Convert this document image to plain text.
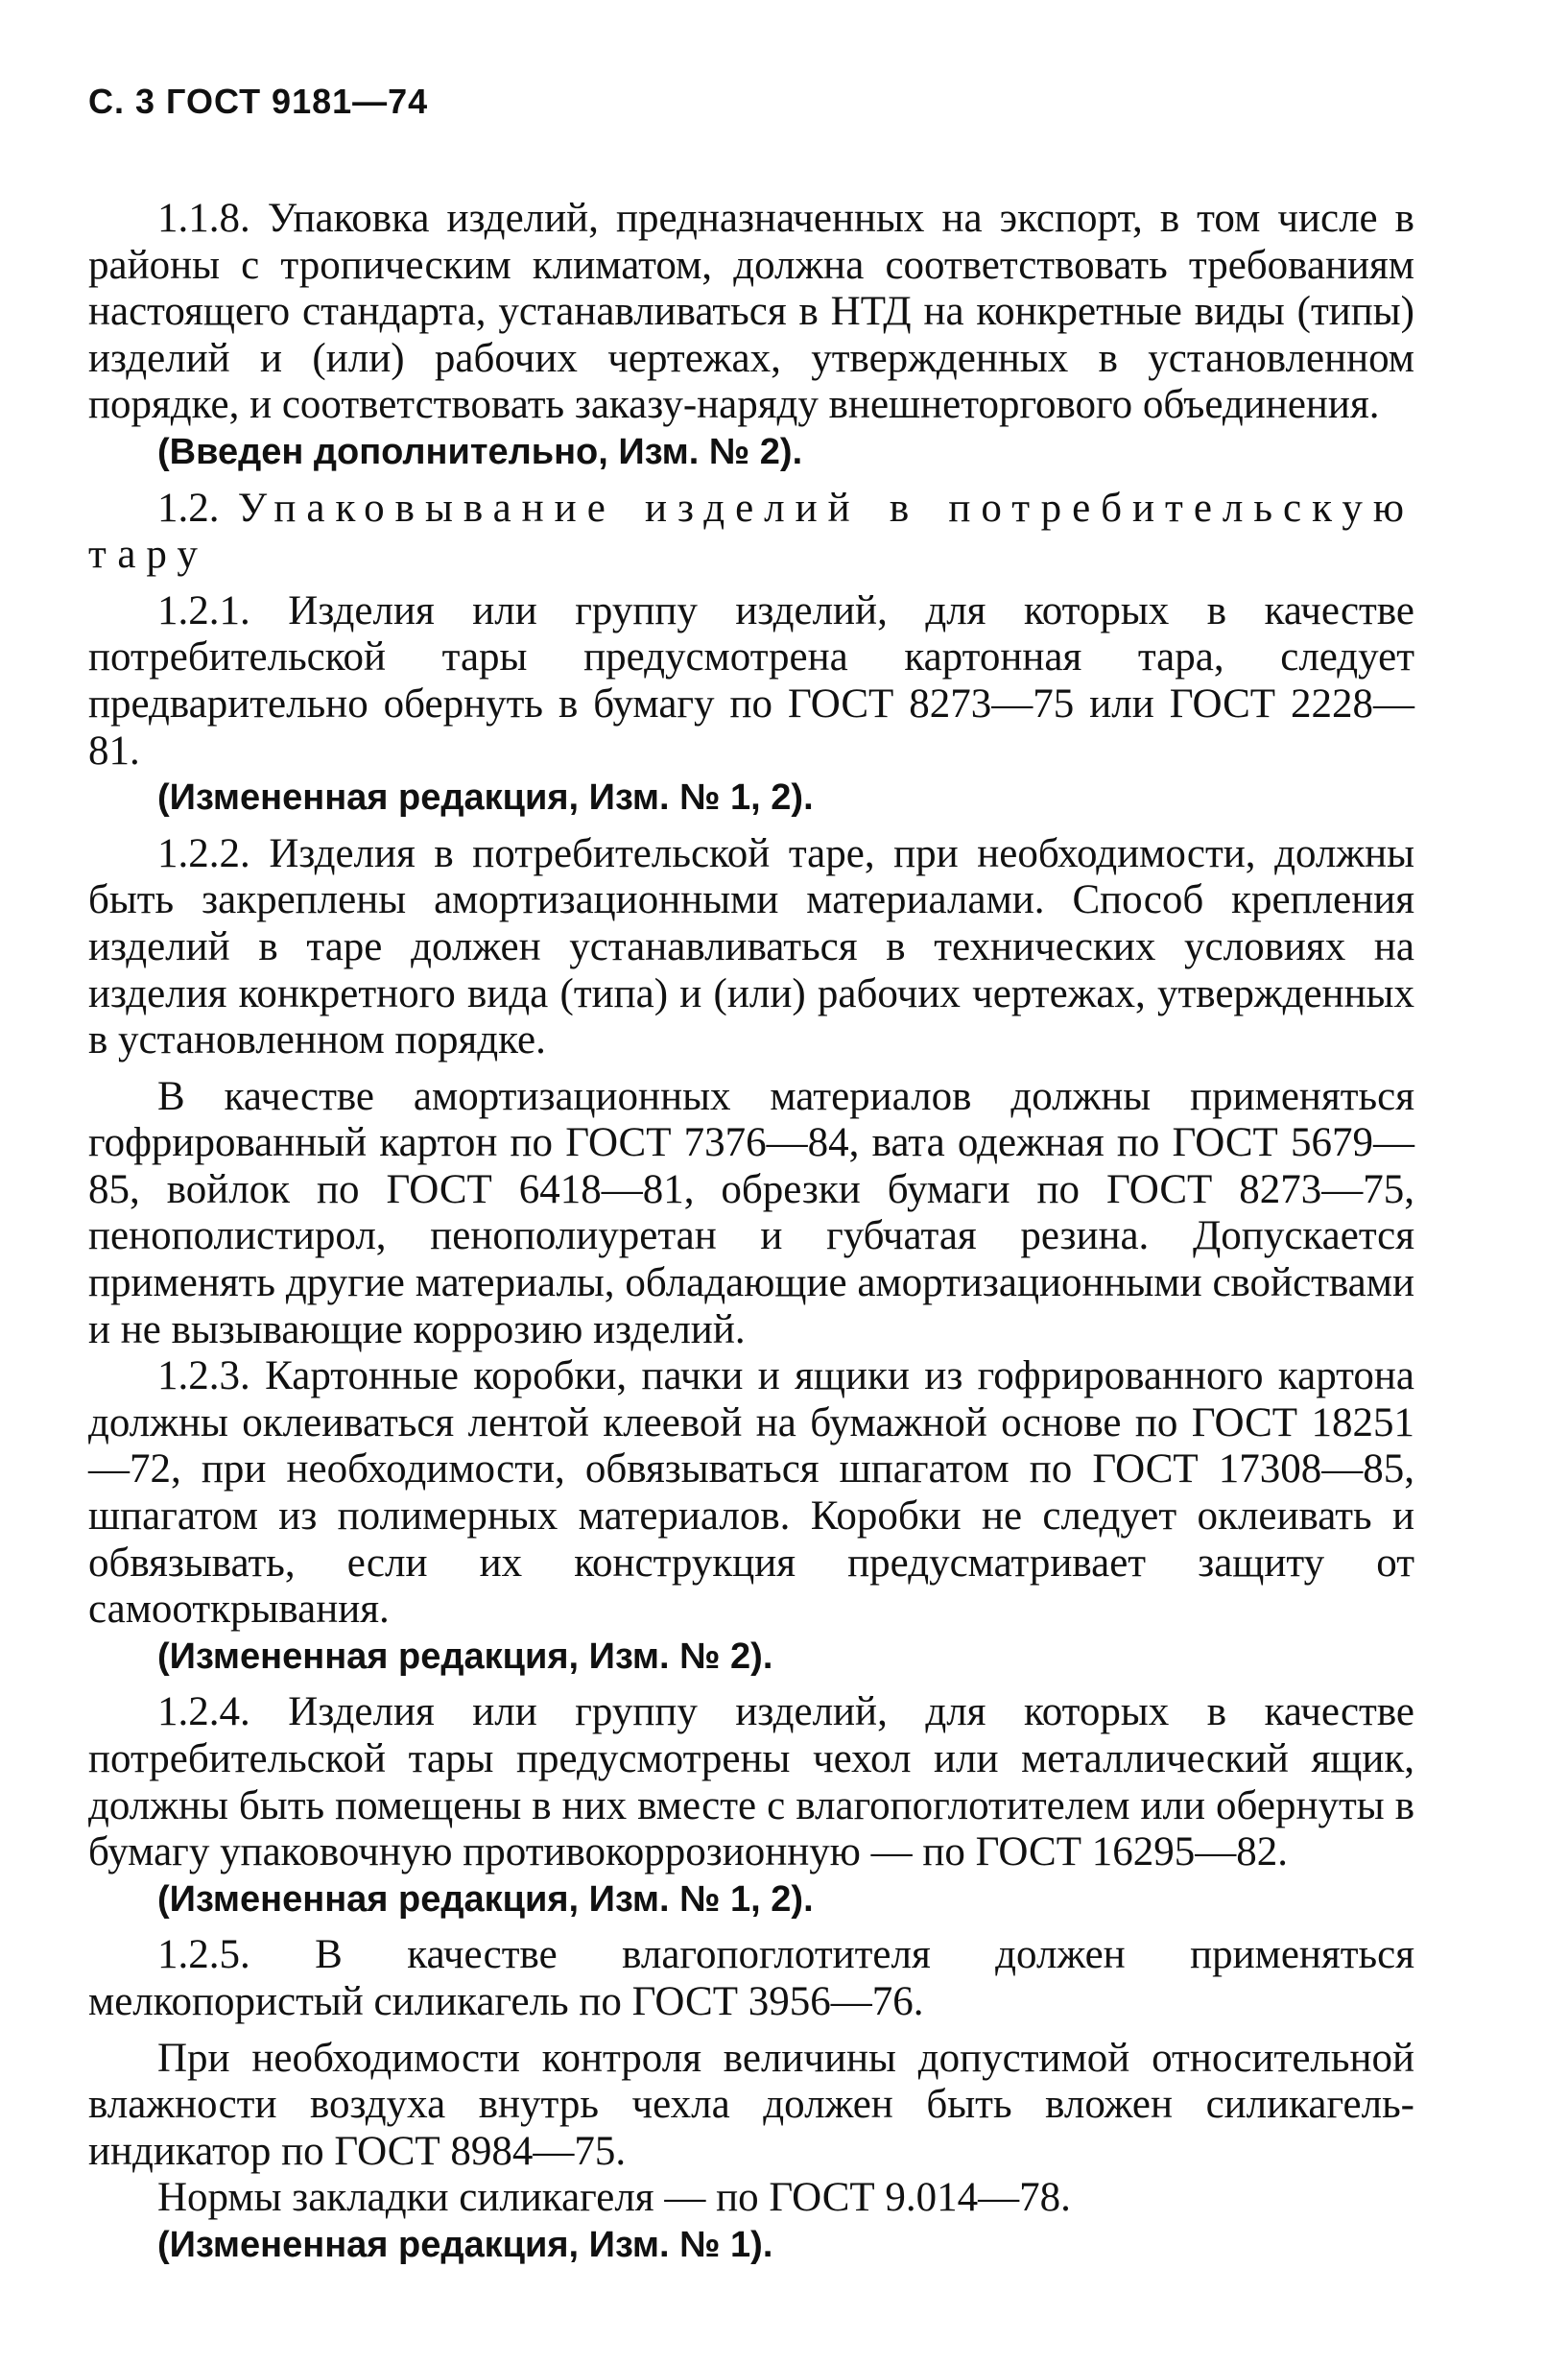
С. 3 ГОСТ 9181—74

1.1.8. Упаковка изделий, предназначенных на экспорт, в том числе в районы с тропическим климатом, должна соответствовать требованиям настоящего стандарта, устанавливаться в НТД на конкретные виды (типы) изделий и (или) рабочих чертежах, утвержденных в установленном порядке, и соответствовать заказу-наряду внешнеторгового объединения.

(Введен дополнительно, Изм. № 2).

1.2. Упаковывание изделий в потребительскую тару

1.2.1. Изделия или группу изделий, для которых в качестве потребительской тары предусмотрена картонная тара, следует предварительно обернуть в бумагу по ГОСТ 8273—75 или ГОСТ 2228—81.

(Измененная редакция, Изм. № 1, 2).

1.2.2. Изделия в потребительской таре, при необходимости, должны быть закреплены амортизационными материалами. Способ крепления изделий в таре должен устанавливаться в технических условиях на изделия конкретного вида (типа) и (или) рабочих чертежах, утвержденных в установленном порядке.

В качестве амортизационных материалов должны применяться гофрированный картон по ГОСТ 7376—84, вата одежная по ГОСТ 5679—85, войлок по ГОСТ 6418—81, обрезки бумаги по ГОСТ 8273—75, пенополистирол, пенополиуретан и губчатая резина. Допускается применять другие материалы, обладающие амортизационными свойствами и не вызывающие коррозию изделий.

1.2.3. Картонные коробки, пачки и ящики из гофрированного картона должны оклеиваться лентой клеевой на бумажной основе по ГОСТ 18251—72, при необходимости, обвязываться шпагатом по ГОСТ 17308—85, шпагатом из полимерных материалов. Коробки не следует оклеивать и обвязывать, если их конструкция предусматривает защиту от самооткрывания.

(Измененная редакция, Изм. № 2).

1.2.4. Изделия или группу изделий, для которых в качестве потребительской тары предусмотрены чехол или металлический ящик, должны быть помещены в них вместе с влагопоглотителем или обернуты в бумагу упаковочную противокоррозионную — по ГОСТ 16295—82.

(Измененная редакция, Изм. № 1, 2).

1.2.5. В качестве влагопоглотителя должен применяться мелкопористый силикагель по ГОСТ 3956—76.

При необходимости контроля величины допустимой относительной влажности воздуха внутрь чехла должен быть вложен силикагель-индикатор по ГОСТ 8984—75.

Нормы закладки силикагеля — по ГОСТ 9.014—78.

(Измененная редакция, Изм. № 1).
